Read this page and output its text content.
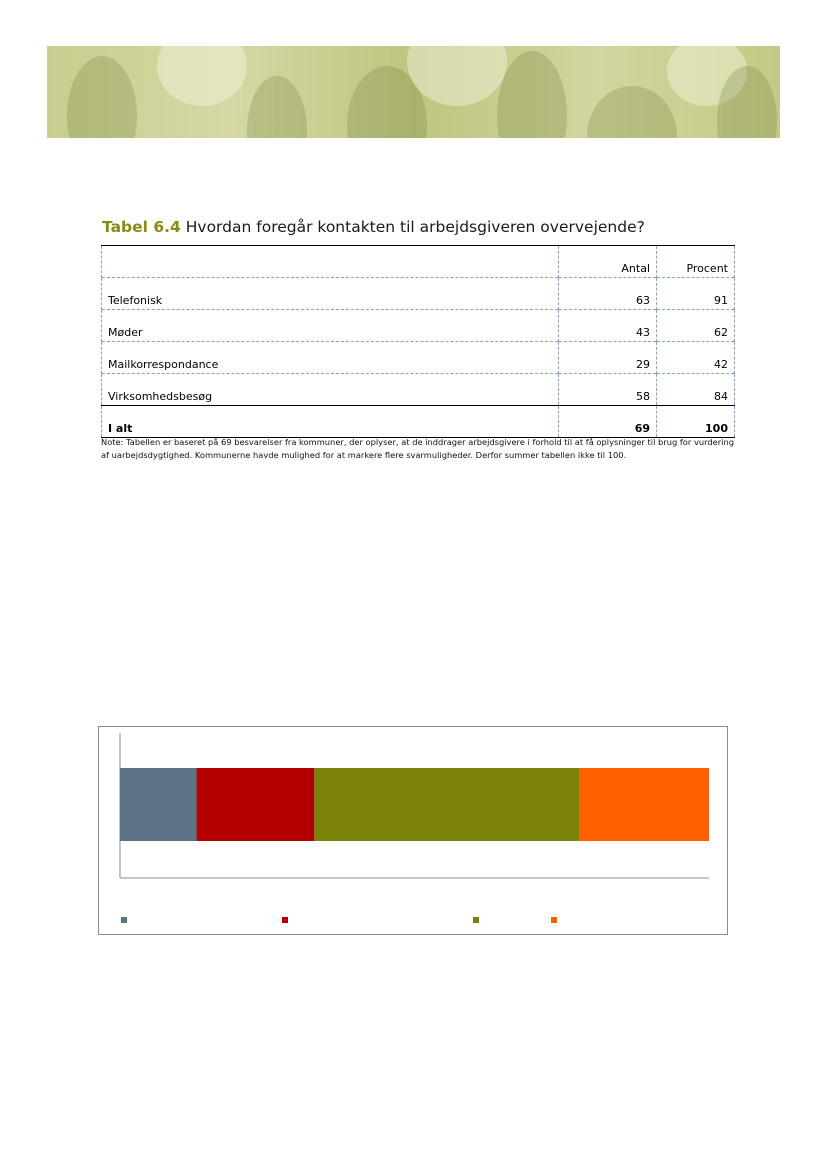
Tabel 6.4 Hvordan foregår kontakten til arbejdsgiveren overvejende?
	Antal	Procent
Telefonisk	63	91
Møder	43	62
Mailkorrespondance	29	42
Virksomhedsbesøg	58	84
I alt	69	100
Note: Tabellen er baseret på 69 besvarelser fra kommuner, der oplyser, at de inddrager arbejdsgivere i forhold til at få oplysninger til brug for vurdering af uarbejdsdygtighed. Kommunerne havde mulighed for at markere flere svarmuligheder. Derfor summer tabellen ikke til 100.
